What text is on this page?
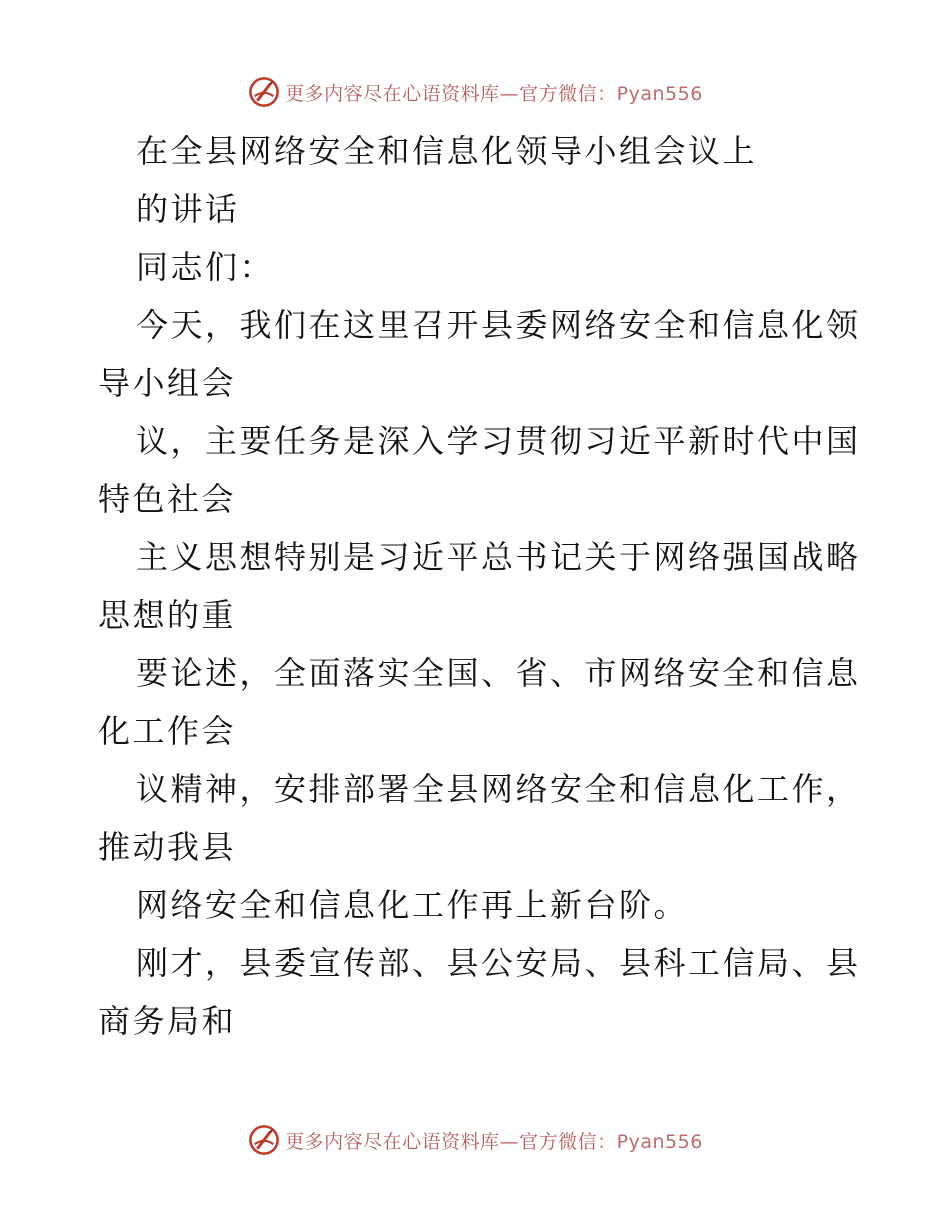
更多内容尽在心语资料库—官方微信：Pyan556

在全县网络安全和信息化领导小组会议上

的讲话

同志们：

今天，我们在这里召开县委网络安全和信息化领

导小组会

议，主要任务是深入学习贯彻习近平新时代中国

特色社会

主义思想特别是习近平总书记关于网络强国战略

思想的重

要论述，全面落实全国、省、市网络安全和信息

化工作会

议精神，安排部署全县网络安全和信息化工作，

推动我县

网络安全和信息化工作再上新台阶。

刚才，县委宣传部、县公安局、县科工信局、县

商务局和

更多内容尽在心语资料库—官方微信：Pyan556
